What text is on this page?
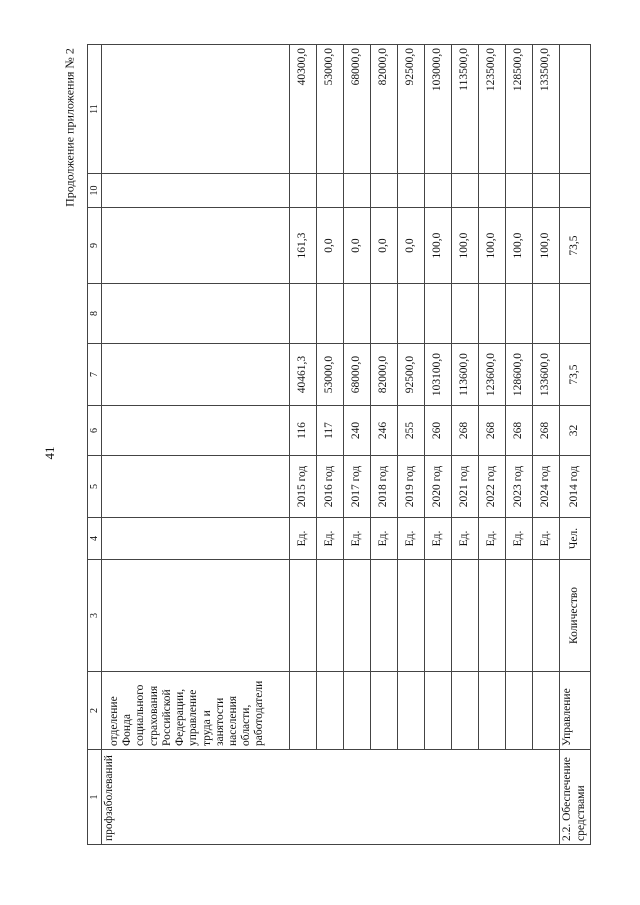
41
Продолжение приложения № 2
1	2	3	4	5	6	7	8	9	10	11
профзаболеваний	отделение Фонда социального страхования Российской Федерации, управление труда и занятости населения области, работодатели									
			Ед.	2015 год	116	40461,3		161,3		40300,0
			Ед.	2016 год	117	53000,0		0,0		53000,0
			Ед.	2017 год	240	68000,0		0,0		68000,0
			Ед.	2018 год	246	82000,0		0,0		82000,0
			Ед.	2019 год	255	92500,0		0,0		92500,0
			Ед.	2020 год	260	103100,0		100,0		103000,0
			Ед.	2021 год	268	113600,0		100,0		113500,0
			Ед.	2022 год	268	123600,0		100,0		123500,0
			Ед.	2023 год	268	128600,0		100,0		128500,0
			Ед.	2024 год	268	133600,0		100,0		133500,0
2.2. Обеспечение средствами	Управление	Количество	Чел.	2014 год	32	73,5		73,5		
